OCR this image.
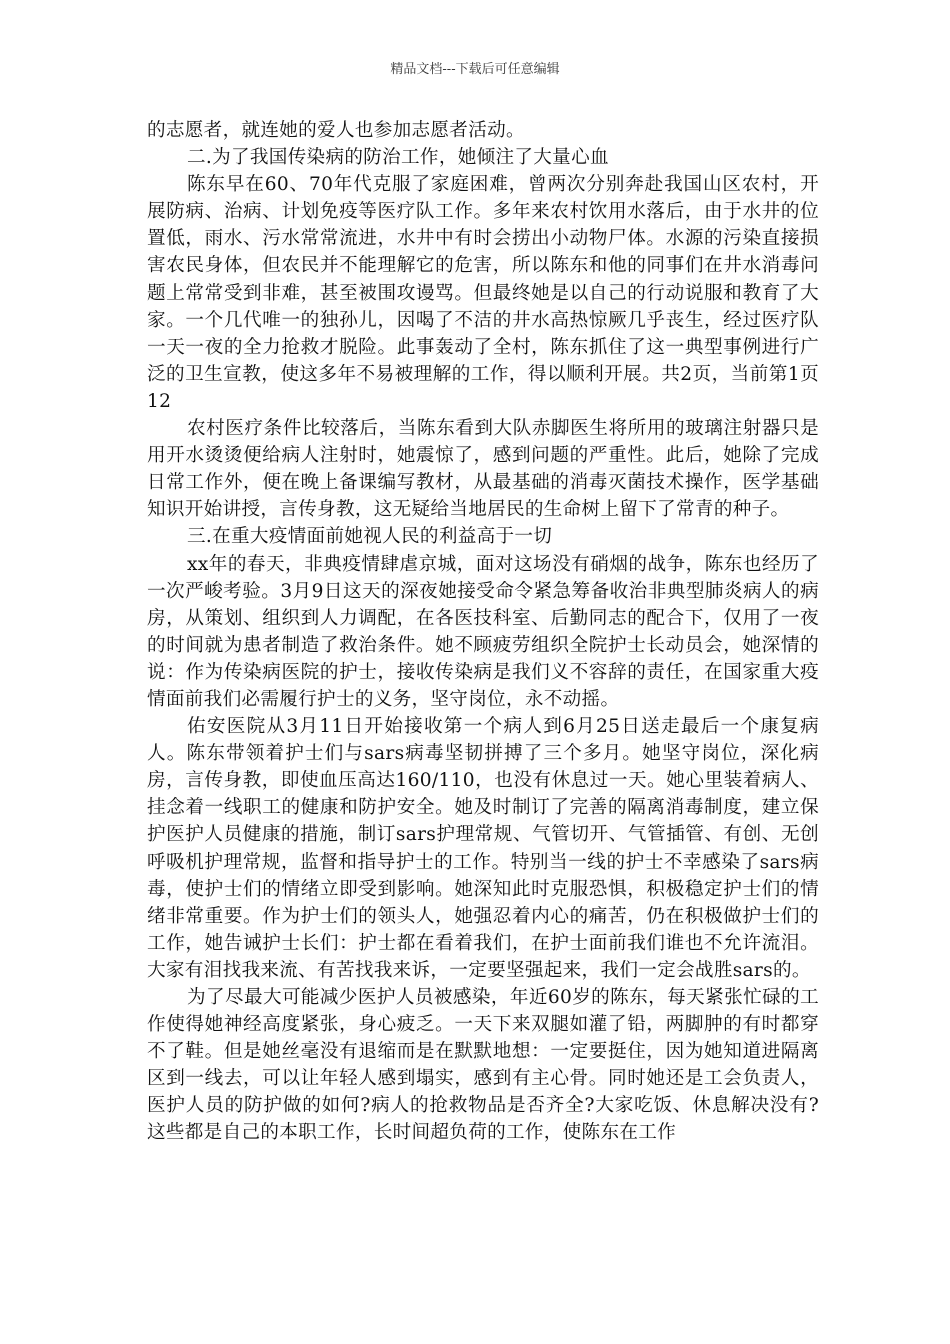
精品文档---下载后可任意编辑

的志愿者，就连她的爱人也参加志愿者活动。

二.为了我国传染病的防治工作，她倾注了大量心血

陈东早在60、70年代克服了家庭困难，曾两次分别奔赴我国山区农村，开展防病、治病、计划免疫等医疗队工作。多年来农村饮用水落后，由于水井的位置低，雨水、污水常常流进，水井中有时会捞出小动物尸体。水源的污染直接损害农民身体，但农民并不能理解它的危害，所以陈东和他的同事们在井水消毒问题上常常受到非难，甚至被围攻谩骂。但最终她是以自己的行动说服和教育了大家。一个几代唯一的独孙儿，因喝了不洁的井水高热惊厥几乎丧生，经过医疗队一天一夜的全力抢救才脱险。此事轰动了全村，陈东抓住了这一典型事例进行广泛的卫生宣教，使这多年不易被理解的工作，得以顺利开展。共2页，当前第1页12

农村医疗条件比较落后，当陈东看到大队赤脚医生将所用的玻璃注射器只是用开水烫烫便给病人注射时，她震惊了，感到问题的严重性。此后，她除了完成日常工作外，便在晚上备课编写教材，从最基础的消毒灭菌技术操作，医学基础知识开始讲授，言传身教，这无疑给当地居民的生命树上留下了常青的种子。

三.在重大疫情面前她视人民的利益高于一切

xx年的春天，非典疫情肆虐京城，面对这场没有硝烟的战争，陈东也经历了一次严峻考验。3月9日这天的深夜她接受命令紧急筹备收治非典型肺炎病人的病房，从策划、组织到人力调配，在各医技科室、后勤同志的配合下，仅用了一夜的时间就为患者制造了救治条件。她不顾疲劳组织全院护士长动员会，她深情的说：作为传染病医院的护士，接收传染病是我们义不容辞的责任，在国家重大疫情面前我们必需履行护士的义务，坚守岗位，永不动摇。

佑安医院从3月11日开始接收第一个病人到6月25日送走最后一个康复病人。陈东带领着护士们与sars病毒坚韧拼搏了三个多月。她坚守岗位，深化病房，言传身教，即使血压高达160/110，也没有休息过一天。她心里装着病人、挂念着一线职工的健康和防护安全。她及时制订了完善的隔离消毒制度，建立保护医护人员健康的措施，制订sars护理常规、气管切开、气管插管、有创、无创呼吸机护理常规，监督和指导护士的工作。特别当一线的护士不幸感染了sars病毒，使护士们的情绪立即受到影响。她深知此时克服恐惧，积极稳定护士们的情绪非常重要。作为护士们的领头人，她强忍着内心的痛苦，仍在积极做护士们的工作，她告诫护士长们：护士都在看着我们，在护士面前我们谁也不允许流泪。大家有泪找我来流、有苦找我来诉，一定要坚强起来，我们一定会战胜sars的。

为了尽最大可能减少医护人员被感染，年近60岁的陈东，每天紧张忙碌的工作使得她神经高度紧张，身心疲乏。一天下来双腿如灌了铅，两脚肿的有时都穿不了鞋。但是她丝毫没有退缩而是在默默地想：一定要挺住，因为她知道进隔离区到一线去，可以让年轻人感到塌实，感到有主心骨。同时她还是工会负责人，医护人员的防护做的如何?病人的抢救物品是否齐全?大家吃饭、休息解决没有?这些都是自己的本职工作，长时间超负荷的工作，使陈东在工作
